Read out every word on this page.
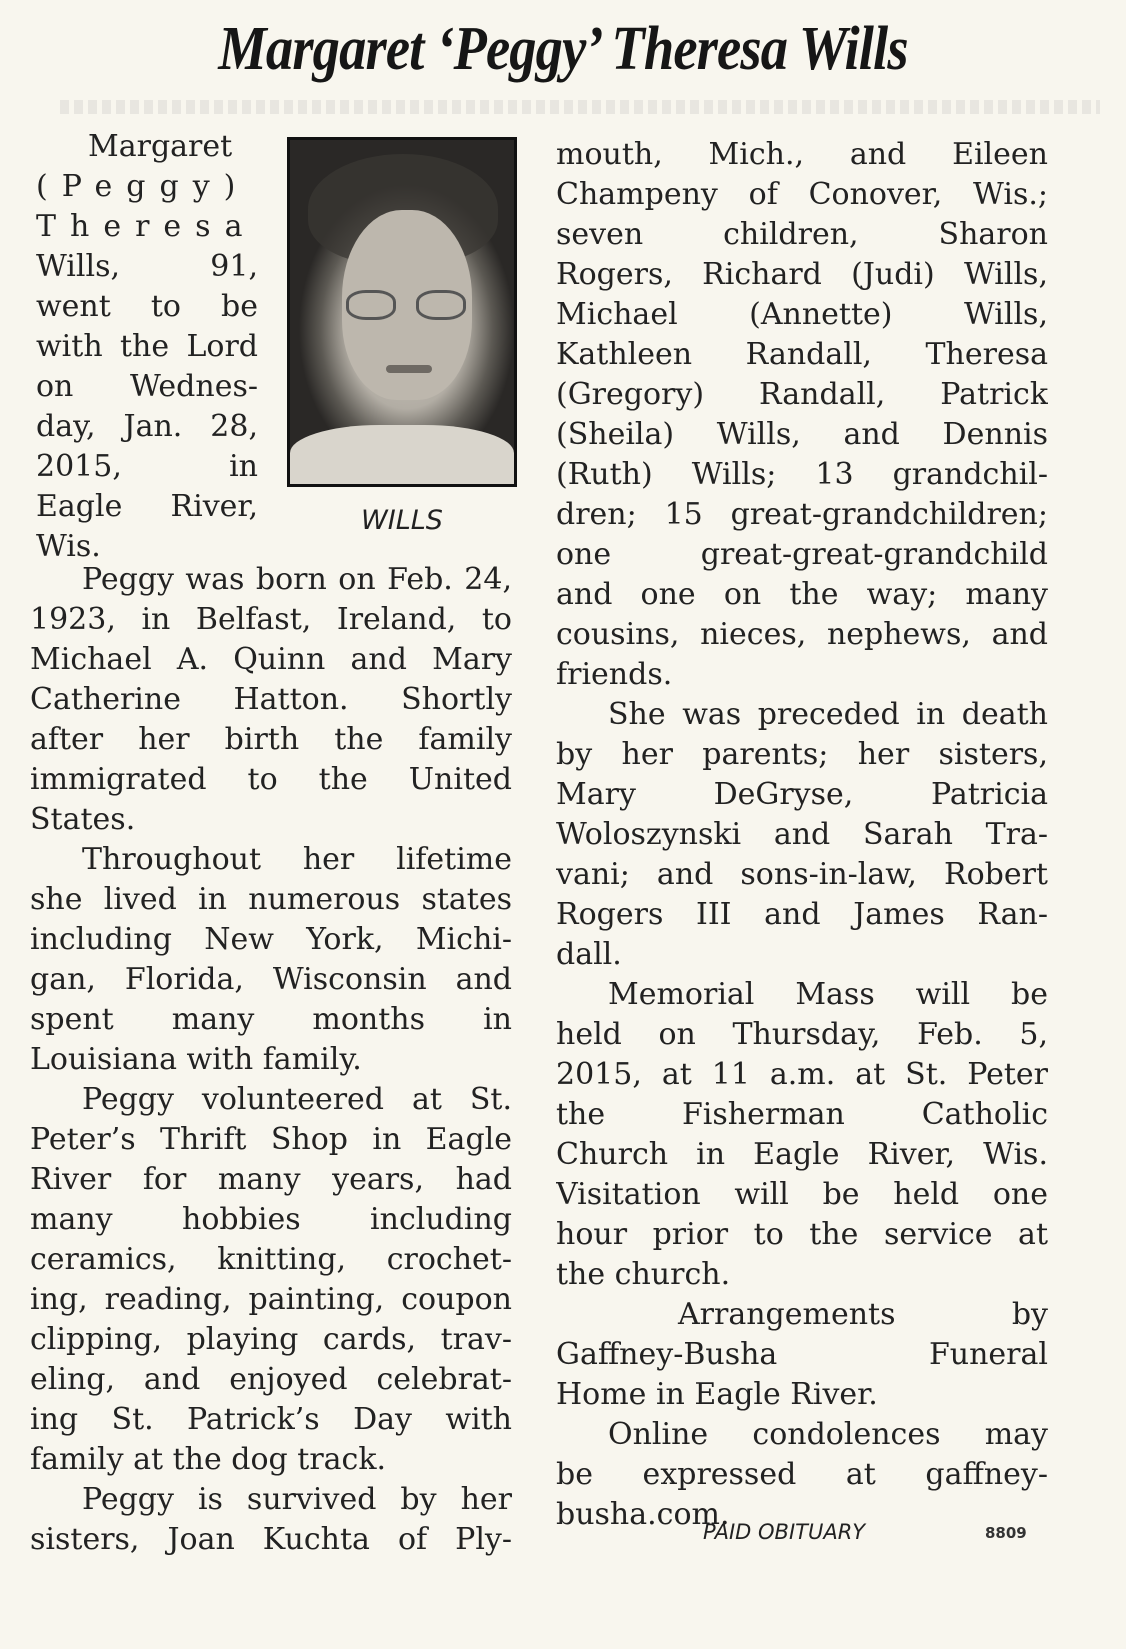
Margaret ‘Peggy’ Theresa Wills
Margaret
(Peggy)
Theresa
Wills, 91,
went to be
with the Lord
on Wednes-
day, Jan. 28,
2015, in
Eagle River,
Wis.
WILLS
Peggy was born on Feb. 24,
1923, in Belfast, Ireland, to
Michael A. Quinn and Mary
Catherine Hatton. Shortly
after her birth the family
immigrated to the United
States.
Throughout her lifetime
she lived in numerous states
including New York, Michi-
gan, Florida, Wisconsin and
spent many months in
Louisiana with family.
Peggy volunteered at St.
Peter’s Thrift Shop in Eagle
River for many years, had
many hobbies including
ceramics, knitting, crochet-
ing, reading, painting, coupon
clipping, playing cards, trav-
eling, and enjoyed celebrat-
ing St. Patrick’s Day with
family at the dog track.
Peggy is survived by her
sisters, Joan Kuchta of Ply-
mouth, Mich., and Eileen
Champeny of Conover, Wis.;
seven children, Sharon
Rogers, Richard (Judi) Wills,
Michael (Annette) Wills,
Kathleen Randall, Theresa
(Gregory) Randall, Patrick
(Sheila) Wills, and Dennis
(Ruth) Wills; 13 grandchil-
dren; 15 great-grandchildren;
one great-great-grandchild
and one on the way; many
cousins, nieces, nephews, and
friends.
She was preceded in death
by her parents; her sisters,
Mary DeGryse, Patricia
Woloszynski and Sarah Tra-
vani; and sons-in-law, Robert
Rogers III and James Ran-
dall.
Memorial Mass will be
held on Thursday, Feb. 5,
2015, at 11 a.m. at St. Peter
the Fisherman Catholic
Church in Eagle River, Wis.
Visitation will be held one
hour prior to the service at
the church.
Arrangements by
Gaffney-Busha Funeral
Home in Eagle River.
Online condolences may
be expressed at gaffney-
busha.com.
PAID OBITUARY	8809
